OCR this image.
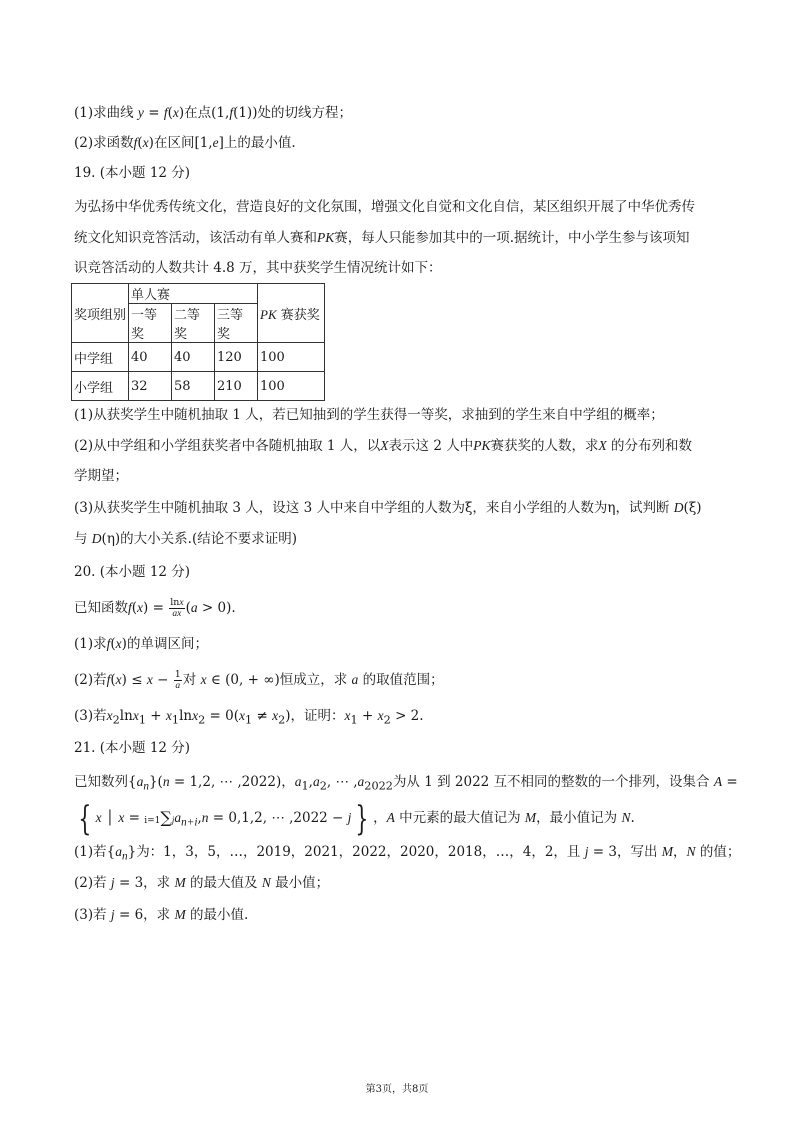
(1)求曲线 y = f(x)在点(1,f(1))处的切线方程；
(2)求函数f(x)在区间[1,e]上的最小值.
19. (本小题 12 分)
为弘扬中华优秀传统文化，营造良好的文化氛围，增强文化自觉和文化自信，某区组织开展了中华优秀传
统文化知识竞答活动，该活动有单人赛和PK赛，每人只能参加其中的一项.据统计，中小学生参与该项知
识竞答活动的人数共计 4.8 万，其中获奖学生情况统计如下：
奖项组别	单人赛			PK 赛获奖
	一等奖	二等奖	三等奖	
中学组	40	40	120	100
小学组	32	58	210	100
(1)从获奖学生中随机抽取 1 人，若已知抽到的学生获得一等奖，求抽到的学生来自中学组的概率；
(2)从中学组和小学组获奖者中各随机抽取 1 人，以X表示这 2 人中PK赛获奖的人数，求X 的分布列和数
学期望；
(3)从获奖学生中随机抽取 3 人，设这 3 人中来自中学组的人数为ξ，来自小学组的人数为η，试判断 D(ξ)
与 D(η)的大小关系.(结论不要求证明)
20. (本小题 12 分)
已知函数$f(x) = \frac{\ln x}{ax} (a > 0)$.
(1)求f(x)的单调区间；
(2)若$f(x) \le x - \frac{1}{a}$ 对 x ∈ (0, + ∞)恒成立，求 a 的取值范围；
(3)若$x_2\ln x_1 + x_1\ln x_2 = 0(x_1 \ne x_2)$，证明：$x_1 + x_2 > 2$.
21. (本小题 12 分)
已知数列$\{a_n\}(n = 1,2$, ⋯ ,2022)，$a_1,a_2$, ⋯ $,a_{2022}$为从 1 到 2022 互不相同的整数的一个排列，设集合 A =
{ x │ $x = i=1\sum ja_{n+i},n = 0,1,2$, ⋯ ,2022 − j } ，A 中元素的最大值记为 M，最小值记为 N.
(1)若$\{a_n\}$为：1，3，5，…，2019，2021，2022，2020，2018，…，4，2，且 j = 3，写出 M，N 的值；
(2)若 j = 3，求 M 的最大值及 N 最小值；
(3)若 j = 6，求 M 的最小值.
第3页，共8页
